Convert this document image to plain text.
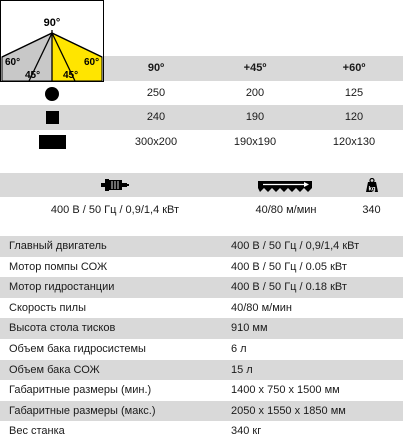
90º	+45º	+60º
250	200	125
240	190	120
300x200	190x190	120x130
90°
60°
45° 45°
60°
kg
400 В / 50 Гц / 0,9/1,4 кВт	40/80 м/мин	340
Главный двигатель	400 В / 50 Гц / 0,9/1,4 кВт
Мотор помпы СОЖ	400 В / 50 Гц / 0.05 кВт
Мотор гидростанции	400 В / 50 Гц / 0.18 кВт
Скорость пилы	40/80 м/мин
Высота стола тисков	910 мм
Объем бака гидросистемы	6 л
Объем бака СОЖ	15 л
Габаритные размеры (мин.)	1400 х 750 х 1500 мм
Габаритные размеры (макс.)	2050 х 1550 х 1850 мм
Вес станка	340 кг
